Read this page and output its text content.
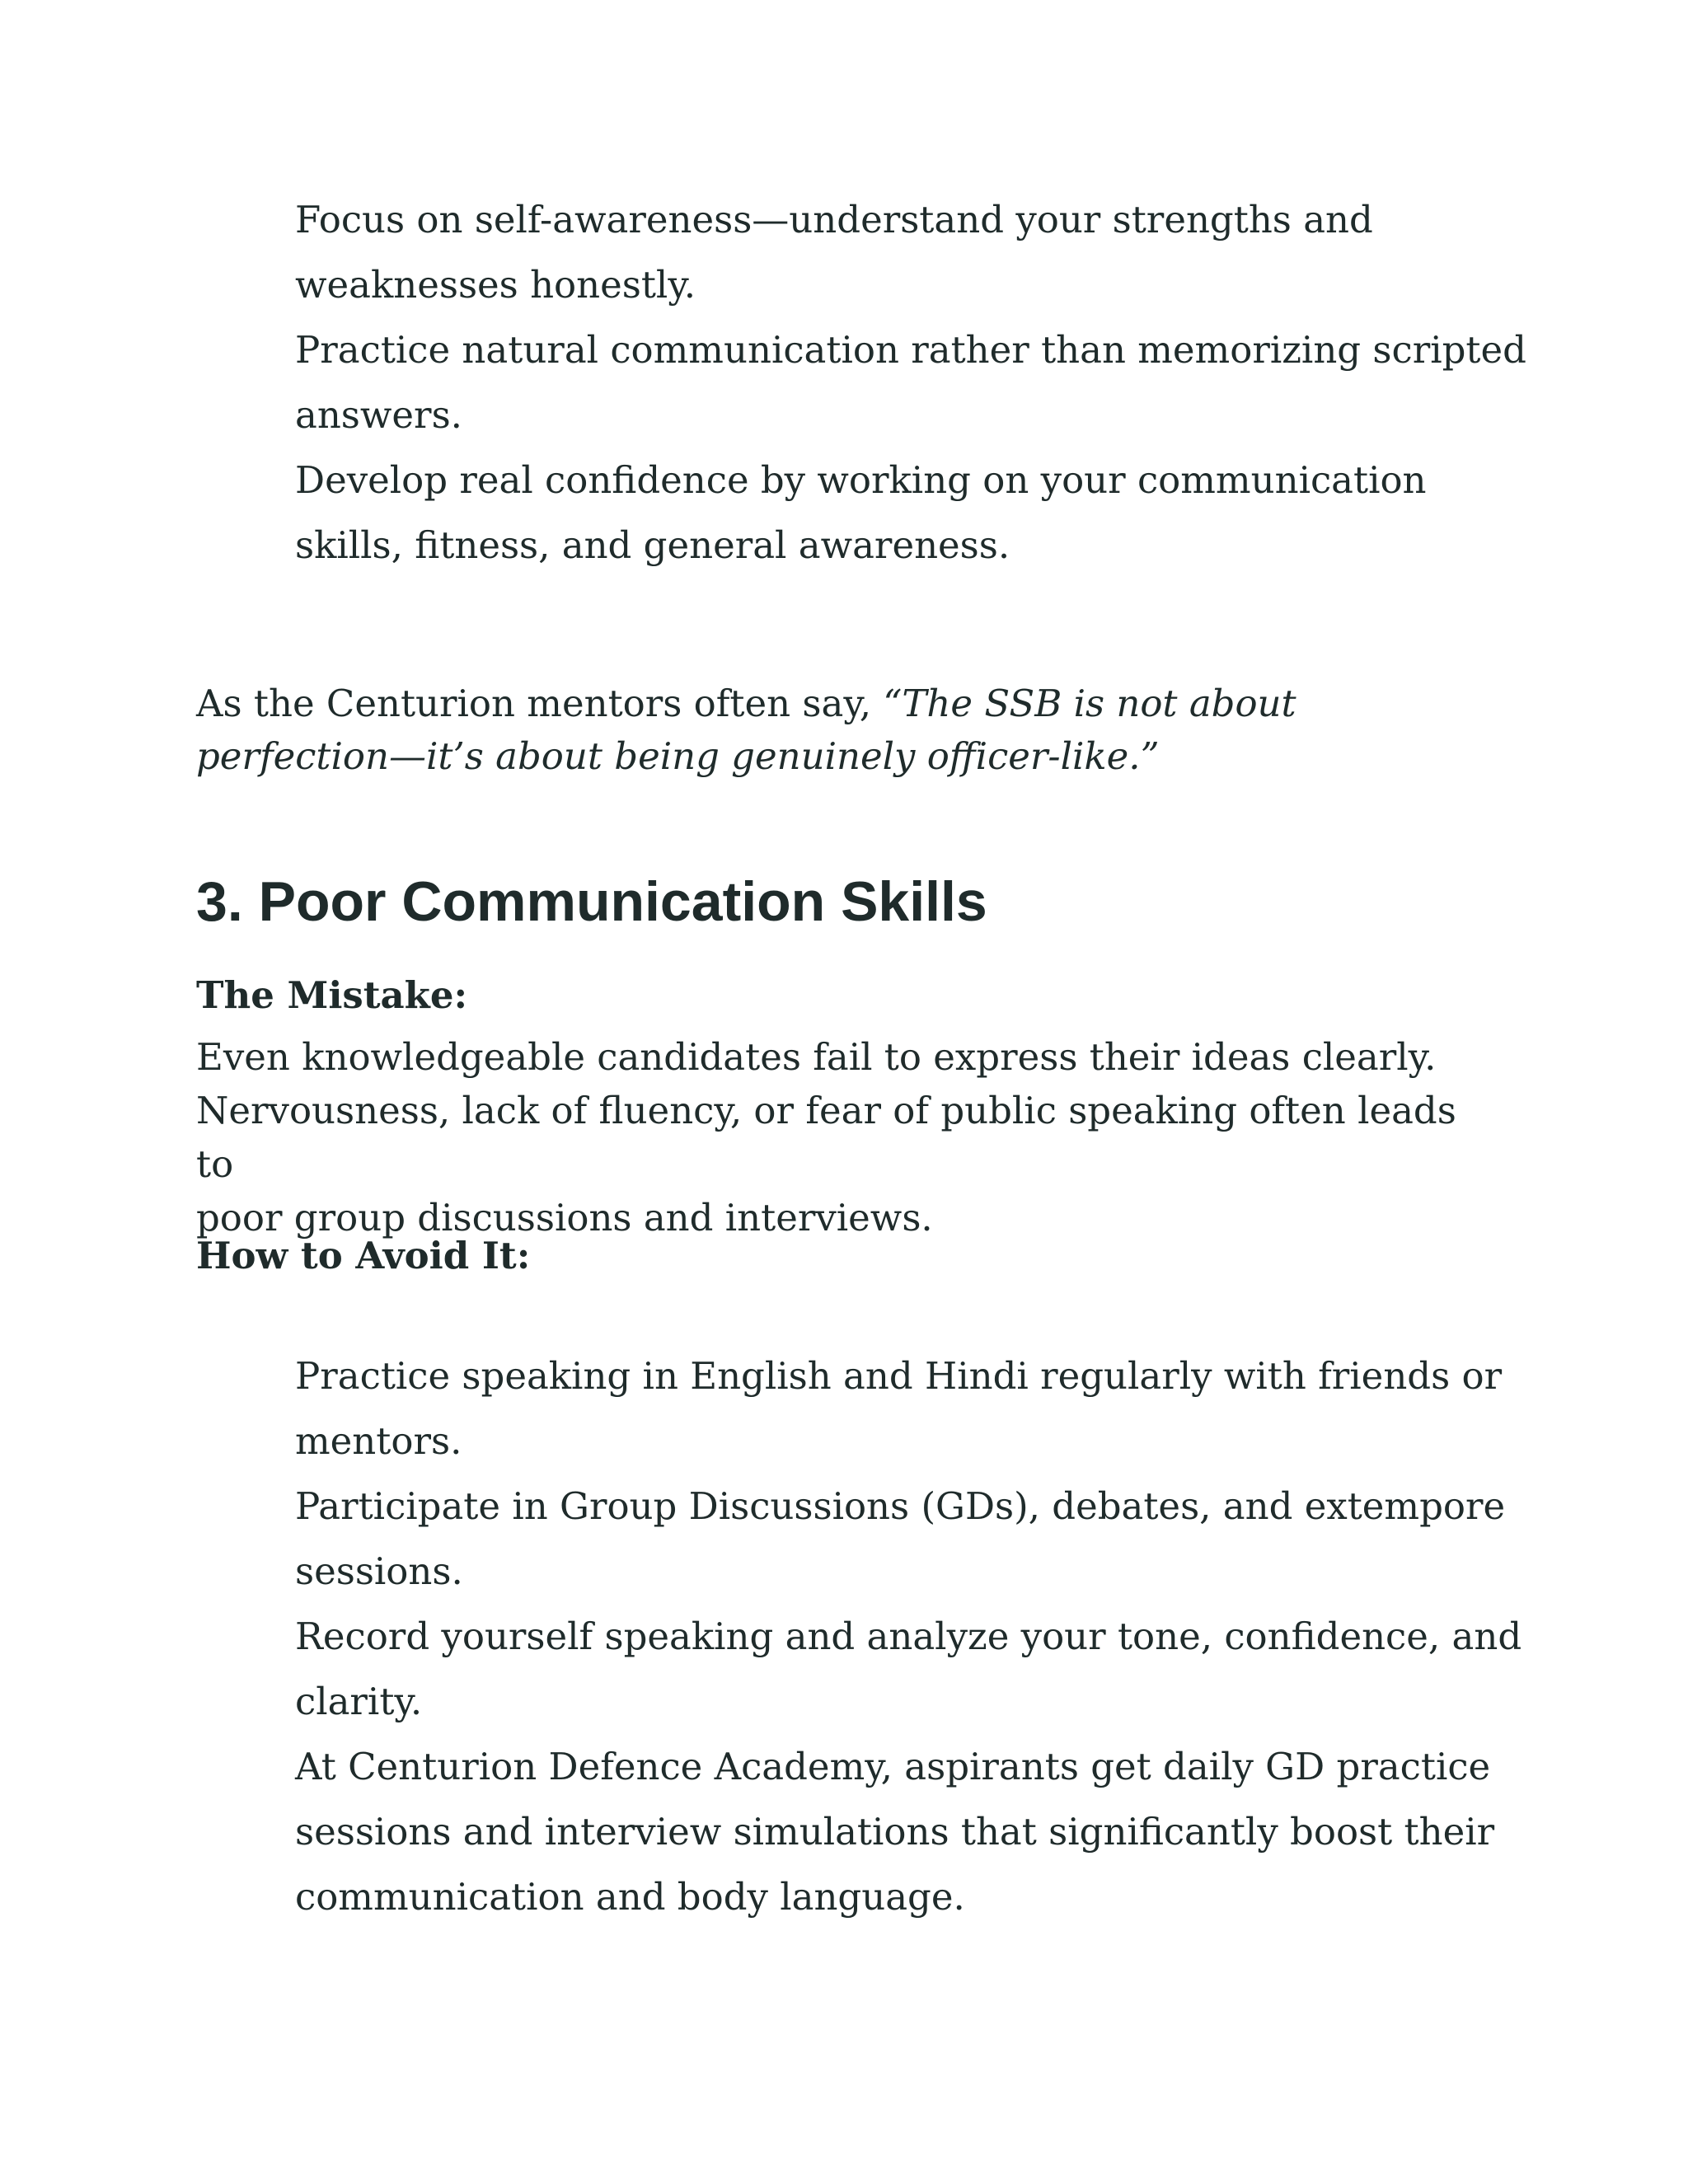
Focus on self-awareness—understand your strengths and
weaknesses honestly.
Practice natural communication rather than memorizing scripted
answers.
Develop real confidence by working on your communication
skills, fitness, and general awareness.

As the Centurion mentors often say, “The SSB is not about
perfection—it’s about being genuinely officer-like.”

3. Poor Communication Skills

The Mistake:

Even knowledgeable candidates fail to express their ideas clearly.
Nervousness, lack of fluency, or fear of public speaking often leads to
poor group discussions and interviews.

How to Avoid It:

Practice speaking in English and Hindi regularly with friends or
mentors.
Participate in Group Discussions (GDs), debates, and extempore
sessions.
Record yourself speaking and analyze your tone, confidence, and
clarity.
At Centurion Defence Academy, aspirants get daily GD practice
sessions and interview simulations that significantly boost their
communication and body language.
